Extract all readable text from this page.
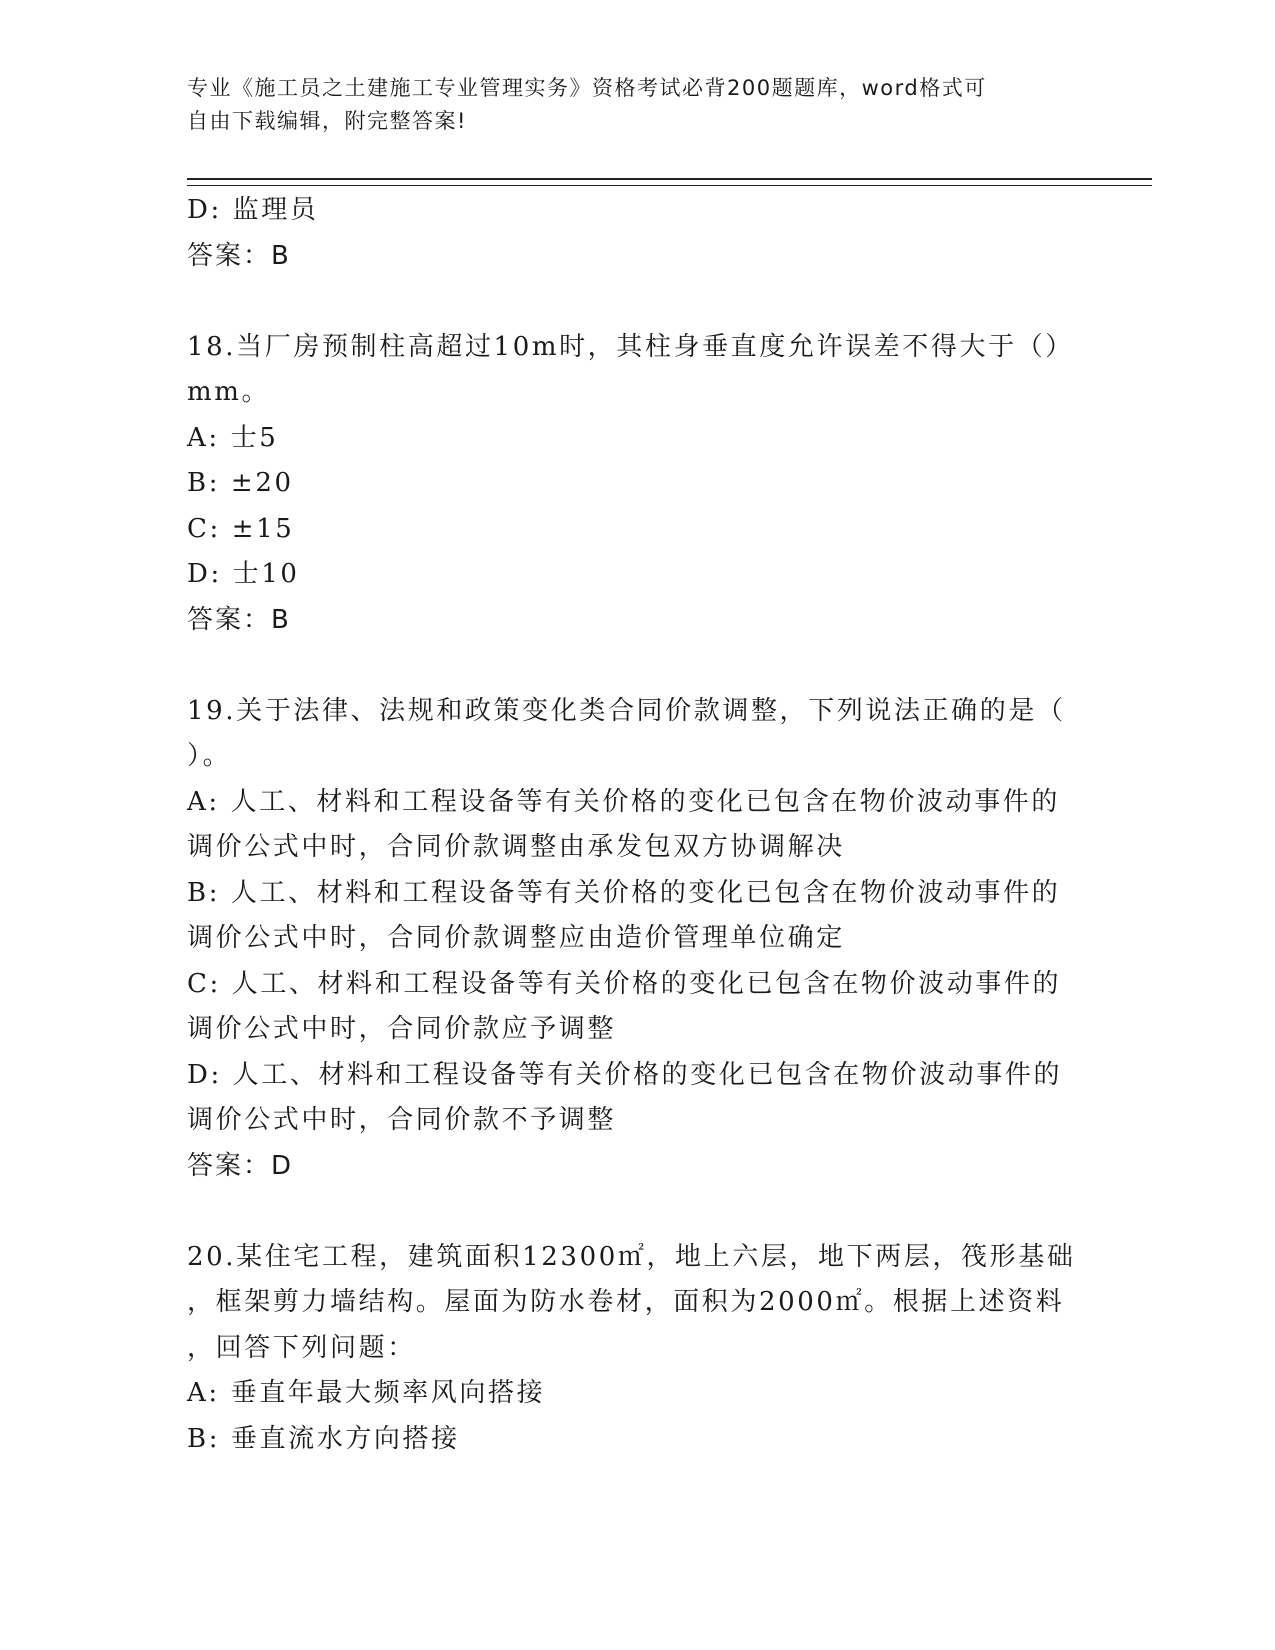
专业《施工员之土建施工专业管理实务》资格考试必背200题题库，word格式可
自由下载编辑，附完整答案!
D: 监理员
答案：B
18.当厂房预制柱高超过10m时，其柱身垂直度允许误差不得大于（）
mm。
A: 士5
B: ±20
C: ±15
D: 士10
答案：B
19.关于法律、法规和政策变化类合同价款调整，下列说法正确的是（
）。
A: 人工、材料和工程设备等有关价格的变化已包含在物价波动事件的
调价公式中时，合同价款调整由承发包双方协调解决
B: 人工、材料和工程设备等有关价格的变化已包含在物价波动事件的
调价公式中时，合同价款调整应由造价管理单位确定
C: 人工、材料和工程设备等有关价格的变化已包含在物价波动事件的
调价公式中时，合同价款应予调整
D: 人工、材料和工程设备等有关价格的变化已包含在物价波动事件的
调价公式中时，合同价款不予调整
答案：D
20.某住宅工程，建筑面积12300㎡，地上六层，地下两层，筏形基础
，框架剪力墙结构。屋面为防水卷材，面积为2000㎡。根据上述资料
，回答下列问题：
A: 垂直年最大频率风向搭接
B: 垂直流水方向搭接
